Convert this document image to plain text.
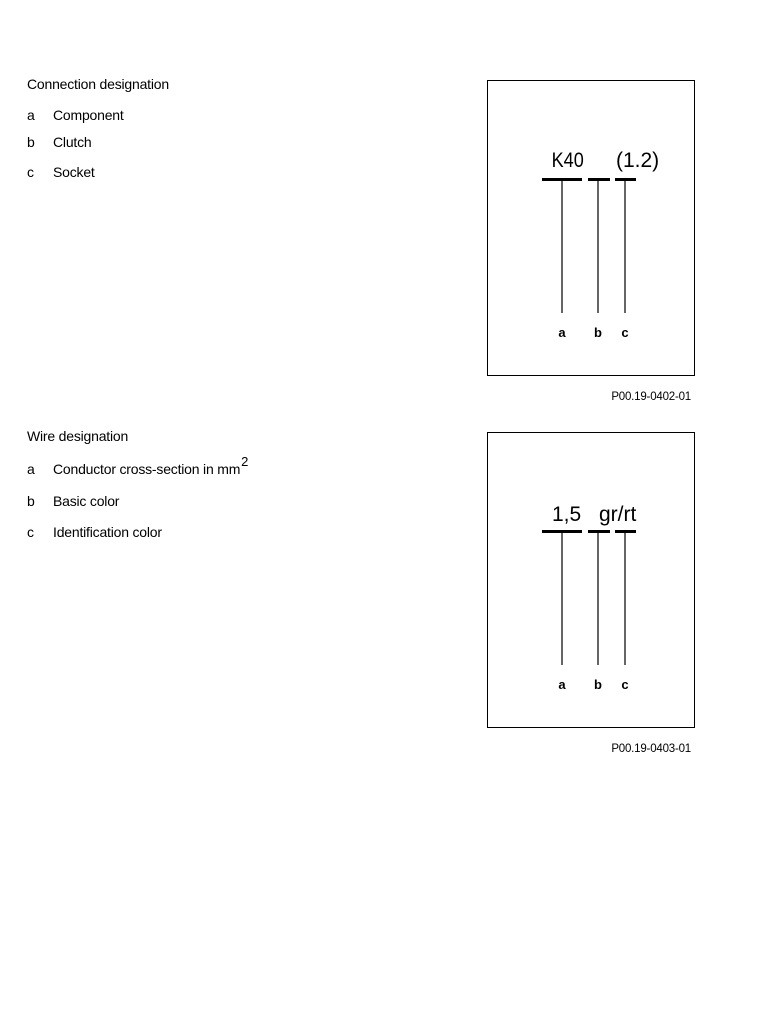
Connection designation
a Component
b Clutch
c Socket	K40 (1.2)
a b c
P00.19-0402-01
Wire designation
a Conductor cross-section in $mm^2$
b Basic color
c Identification color
1,5 gr/rt
a b c
P00.19-0403-01
